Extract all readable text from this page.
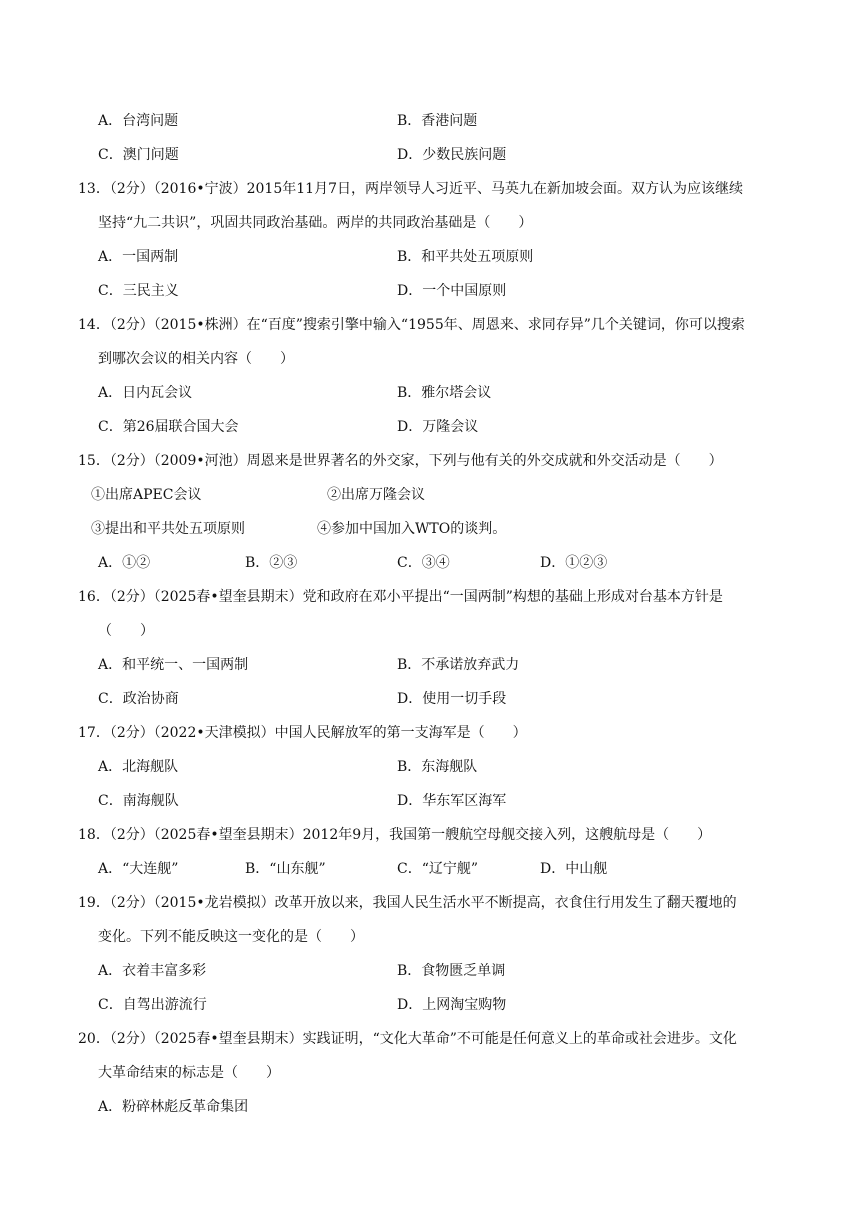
A．台湾问题	B．香港问题
C．澳门问题	D．少数民族问题
13．（2分）（2016•宁波）2015年11月7日，两岸领导人习近平、马英九在新加坡会面。双方认为应该继续
坚持“九二共识”，巩固共同政治基础。两岸的共同政治基础是（　　）
A．一国两制	B．和平共处五项原则
C．三民主义	D．一个中国原则
14．（2分）（2015•株洲）在“百度”搜索引擎中输入“1955年、周恩来、求同存异”几个关键词，你可以搜索
到哪次会议的相关内容（　　）
A．日内瓦会议	B．雅尔塔会议
C．第26届联合国大会	D．万隆会议
15．（2分）（2009•河池）周恩来是世界著名的外交家，下列与他有关的外交成就和外交活动是（　　）
①出席APEC会议	②出席万隆会议
③提出和平共处五项原则	④参加中国加入WTO的谈判。
A．①②	B．②③	C．③④	D．①②③
16．（2分）（2025春•望奎县期末）党和政府在邓小平提出“一国两制”构想的基础上形成对台基本方针是
（　　）
A．和平统一、一国两制	B．不承诺放弃武力
C．政治协商	D．使用一切手段
17．（2分）（2022•天津模拟）中国人民解放军的第一支海军是（　　）
A．北海舰队	B．东海舰队
C．南海舰队	D．华东军区海军
18．（2分）（2025春•望奎县期末）2012年9月，我国第一艘航空母舰交接入列，这艘航母是（　　）
A．“大连舰”	B．“山东舰”	C．“辽宁舰”	D．中山舰
19．（2分）（2015•龙岩模拟）改革开放以来，我国人民生活水平不断提高，衣食住行用发生了翻天覆地的
变化。下列不能反映这一变化的是（　　）
A．衣着丰富多彩	B．食物匮乏单调
C．自驾出游流行	D．上网淘宝购物
20．（2分）（2025春•望奎县期末）实践证明，“文化大革命”不可能是任何意义上的革命或社会进步。文化
大革命结束的标志是（　　）
A．粉碎林彪反革命集团
